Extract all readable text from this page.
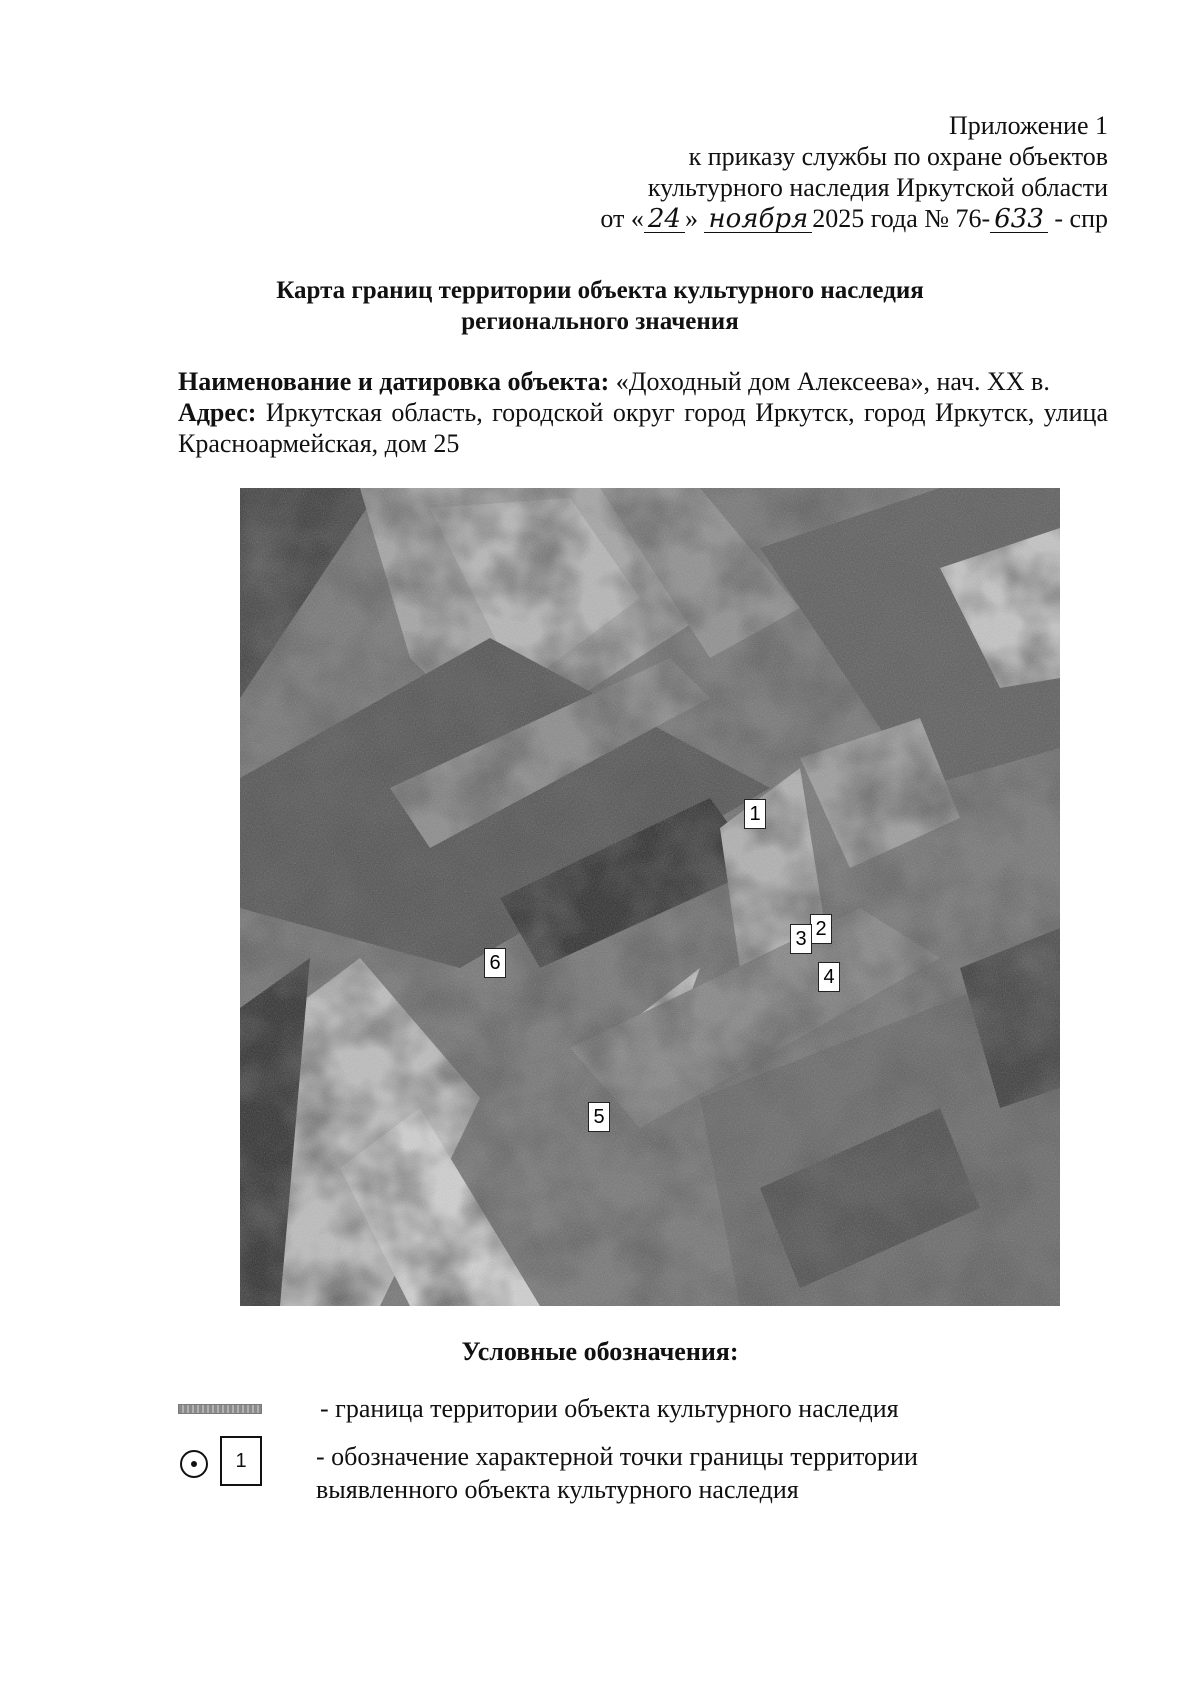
Приложение 1
к приказу службы по охране объектов
культурного наследия Иркутской области
от « 24 » ноября 2025 года № 76- 633 - спр
Карта границ территории объекта культурного наследия
регионального значения
Наименование и датировка объекта: «Доходный дом Алексеева», нач. XX в.
Адрес: Иркутская область, городской округ город Иркутск, город Иркутск, улица Красноармейская, дом 25
1
2
3
4
5
6
Условные обозначения:
- граница территории объекта культурного наследия
1	- обозначение характерной точки границы территории выявленного объекта культурного наследия
